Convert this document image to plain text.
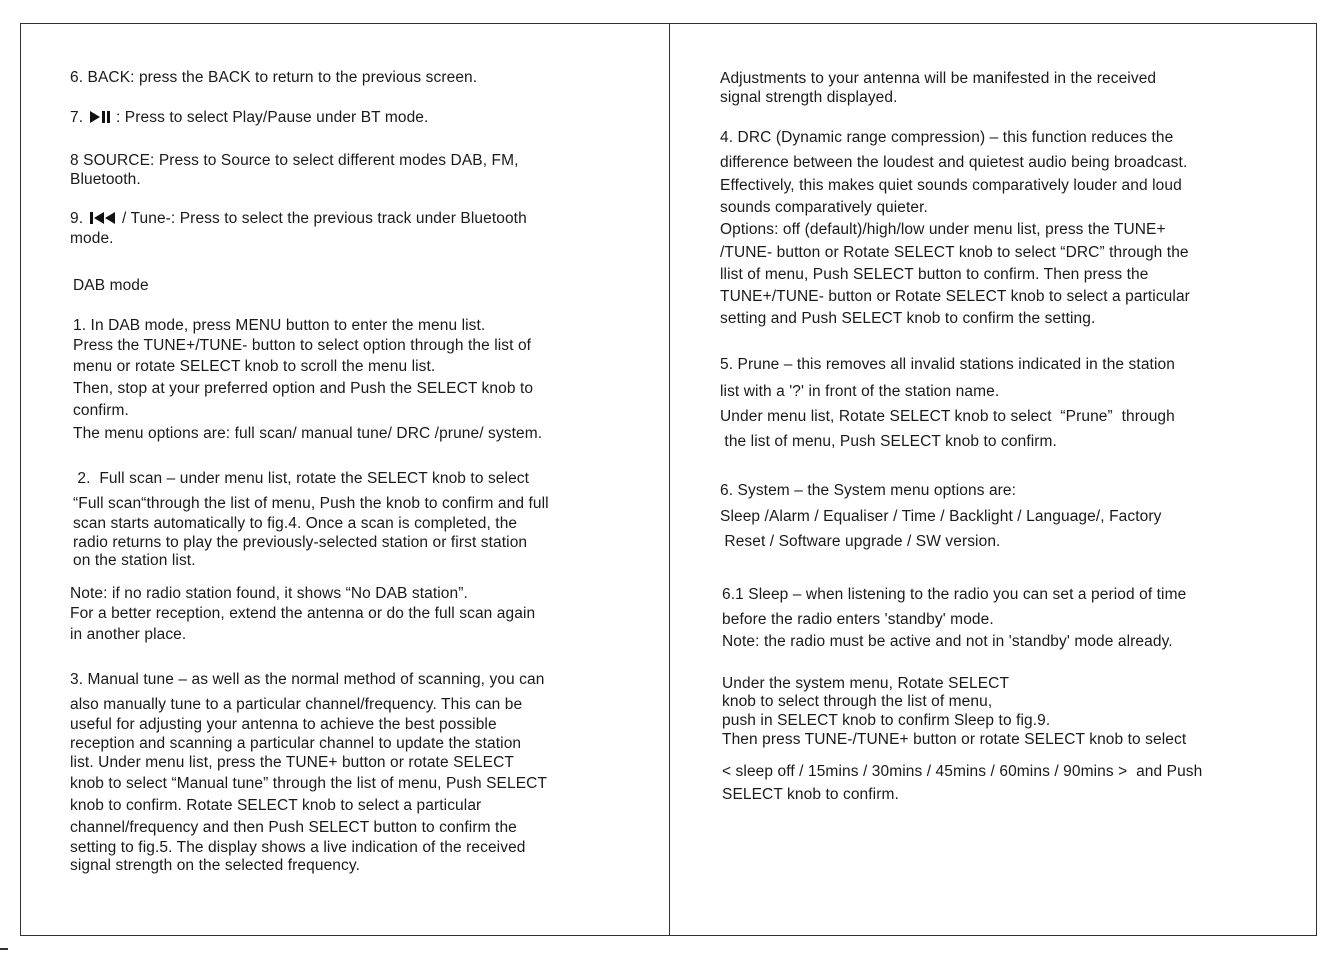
6. BACK: press the BACK to return to the previous screen.
7. : Press to select Play/Pause under BT mode.
8 SOURCE: Press to Source to select different modes DAB, FM,
Bluetooth.
9.	/ Tune-: Press to select the previous track under Bluetooth
mode.
DAB mode
1. In DAB mode, press MENU button to enter the menu list.
Press the TUNE+/TUNE- button to select option through the list of
menu or rotate SELECT knob to scroll the menu list.
Then, stop at your preferred option and Push the SELECT knob to
confirm.
The menu options are: full scan/ manual tune/ DRC /prune/ system.
2.  Full scan – under menu list, rotate the SELECT knob to select
“Full scan“through the list of menu, Push the knob to confirm and full
scan starts automatically to fig.4. Once a scan is completed, the
radio returns to play the previously-selected station or first station
on the station list.
Note: if no radio station found, it shows “No DAB station”.
For a better reception, extend the antenna or do the full scan again
in another place.
3. Manual tune – as well as the normal method of scanning, you can
also manually tune to a particular channel/frequency. This can be
useful for adjusting your antenna to achieve the best possible
reception and scanning a particular channel to update the station
list. Under menu list, press the TUNE+ button or rotate SELECT
knob to select “Manual tune” through the list of menu, Push SELECT
knob to confirm. Rotate SELECT knob to select a particular
channel/frequency and then Push SELECT button to confirm the
setting to fig.5. The display shows a live indication of the received
signal strength on the selected frequency.
Adjustments to your antenna will be manifested in the received
signal strength displayed.
4. DRC (Dynamic range compression) – this function reduces the
difference between the loudest and quietest audio being broadcast.
Effectively, this makes quiet sounds comparatively louder and loud
sounds comparatively quieter.
Options: off (default)/high/low under menu list, press the TUNE+
/TUNE- button or Rotate SELECT knob to select “DRC” through the
llist of menu, Push SELECT button to confirm. Then press the
TUNE+/TUNE- button or Rotate SELECT knob to select a particular
setting and Push SELECT knob to confirm the setting.
5. Prune – this removes all invalid stations indicated in the station
list with a '?' in front of the station name.
Under menu list, Rotate SELECT knob to select  “Prune”  through
the list of menu, Push SELECT knob to confirm.
6. System – the System menu options are:
Sleep /Alarm / Equaliser / Time / Backlight / Language/, Factory
Reset / Software upgrade / SW version.
6.1 Sleep – when listening to the radio you can set a period of time
before the radio enters 'standby' mode.
Note: the radio must be active and not in 'standby' mode already.
Under the system menu, Rotate SELECT
knob to select through the list of menu,
push in SELECT knob to confirm Sleep to fig.9.
Then press TUNE-/TUNE+ button or rotate SELECT knob to select
< sleep off / 15mins / 30mins / 45mins / 60mins / 90mins >  and Push
SELECT knob to confirm.
